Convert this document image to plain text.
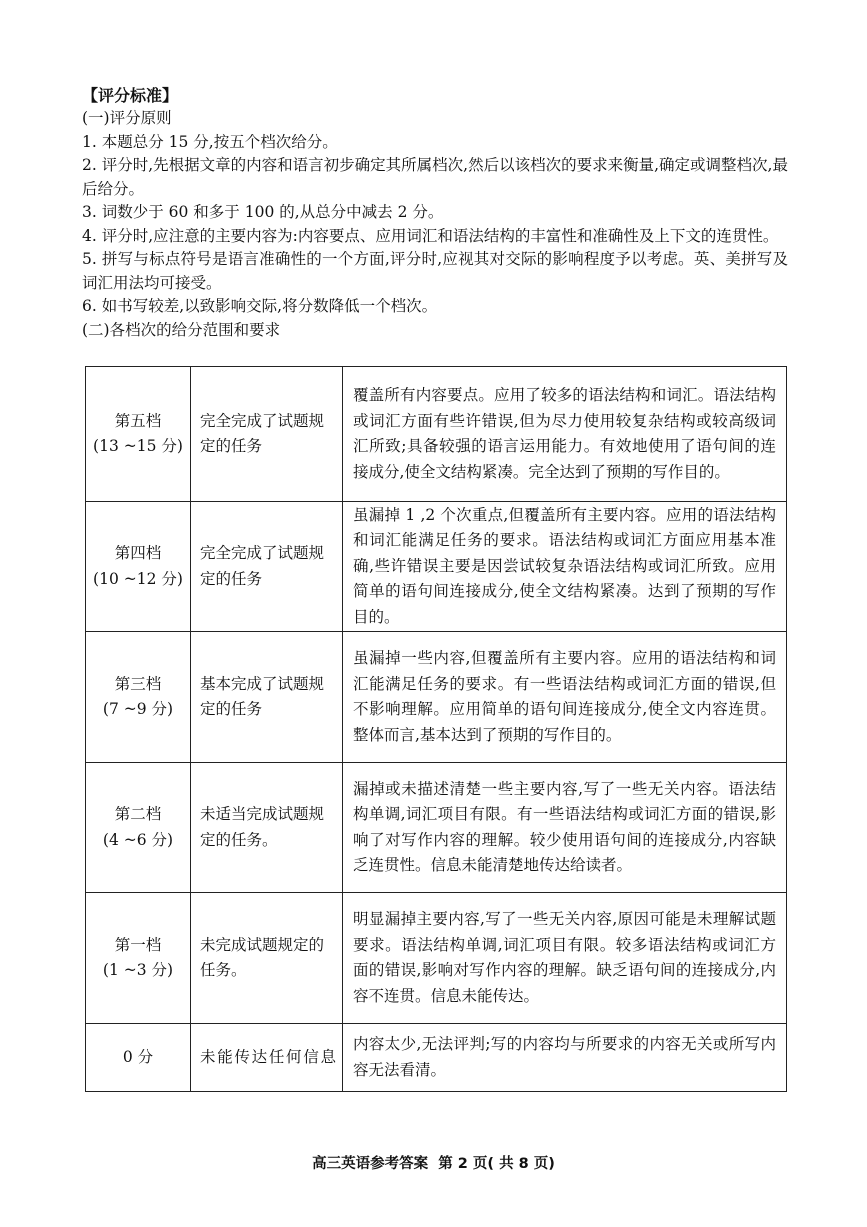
【评分标准】
(一)评分原则
1. 本题总分 15 分,按五个档次给分。
2. 评分时,先根据文章的内容和语言初步确定其所属档次,然后以该档次的要求来衡量,确定或调整档次,最后给分。
3. 词数少于 60 和多于 100 的,从总分中减去 2 分。
4. 评分时,应注意的主要内容为:内容要点、应用词汇和语法结构的丰富性和准确性及上下文的连贯性。
5. 拼写与标点符号是语言准确性的一个方面,评分时,应视其对交际的影响程度予以考虑。英、美拼写及词汇用法均可接受。
6. 如书写较差,以致影响交际,将分数降低一个档次。
(二)各档次的给分范围和要求
第五档
(13 ~15 分)	完全完成了试题规定的任务	覆盖所有内容要点。应用了较多的语法结构和词汇。语法结构或词汇方面有些许错误,但为尽力使用较复杂结构或较高级词汇所致;具备较强的语言运用能力。有效地使用了语句间的连接成分,使全文结构紧凑。完全达到了预期的写作目的。

第四档
(10 ~12 分)	完全完成了试题规定的任务	虽漏掉 1 ,2 个次重点,但覆盖所有主要内容。应用的语法结构和词汇能满足任务的要求。语法结构或词汇方面应用基本准确,些许错误主要是因尝试较复杂语法结构或词汇所致。应用简单的语句间连接成分,使全文结构紧凑。达到了预期的写作目的。

第三档
(7 ~9 分)	基本完成了试题规定的任务	虽漏掉一些内容,但覆盖所有主要内容。应用的语法结构和词汇能满足任务的要求。有一些语法结构或词汇方面的错误,但不影响理解。应用简单的语句间连接成分,使全文内容连贯。整体而言,基本达到了预期的写作目的。

第二档
(4 ~6 分)	未适当完成试题规定的任务。	漏掉或未描述清楚一些主要内容,写了一些无关内容。语法结构单调,词汇项目有限。有一些语法结构或词汇方面的错误,影响了对写作内容的理解。较少使用语句间的连接成分,内容缺乏连贯性。信息未能清楚地传达给读者。

第一档
(1 ~3 分)	未完成试题规定的任务。	明显漏掉主要内容,写了一些无关内容,原因可能是未理解试题要求。语法结构单调,词汇项目有限。较多语法结构或词汇方面的错误,影响对写作内容的理解。缺乏语句间的连接成分,内容不连贯。信息未能传达。

0 分	未能传达任何信息	内容太少,无法评判;写的内容均与所要求的内容无关或所写内容无法看清。
高三英语参考答案 第 2 页( 共 8 页)
